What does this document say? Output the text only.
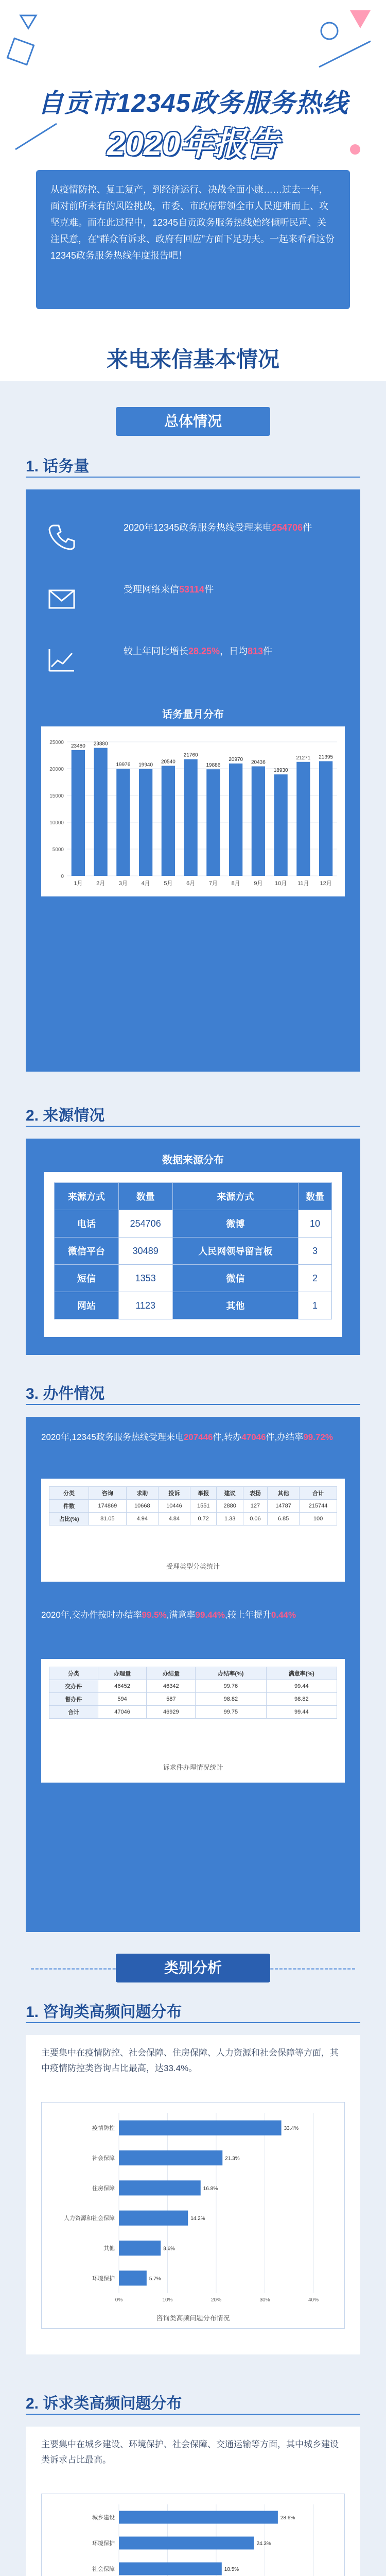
自贡市12345政务服务热线
2020年报告
从疫情防控、复工复产，到经济运行、决战全面小康……过去一年，面对前所未有的风险挑战，市委、市政府带领全市人民迎难而上、攻坚克难。而在此过程中，12345自贡政务服务热线始终倾听民声、关注民意，在“群众有诉求、政府有回应”方面下足功夫。一起来看看这份12345政务服务热线年度报告吧！
来电来信基本情况
总体情况
1. 话务量
2020年12345政务服务热线受理来电254706件
受理网络来信53114件
较上年同比增长28.25%，日均813件
话务量月分布
0
5000
10000
15000
20000
25000
23480
1月
23880
2月
19976
3月
19940
4月
20540
5月
21760
6月
19886
7月
20970
8月
20436
9月
18930
10月
21271
11月
21395
12月
2. 来源情况
数据来源分布
来源方式	数量	来源方式	数量
电话	254706	微博	10
微信平台	30489	人民网领导留言板	3
短信	1353	微信	2
网站	1123	其他	1
3. 办件情况
2020年,12345政务服务热线受理来电207446件,转办47046件,办结率99.72%
分类	咨询	求助	投诉	举报	建议	表扬	其他	合计
件数	174869	10668	10446	1551	2880	127	14787	215744
占比(%)	81.05	4.94	4.84	0.72	1.33	0.06	6.85	100
受理类型分类统计
2020年,交办件按时办结率99.5%,满意率99.44%,较上年提升0.44%
分类	办理量	办结量	办结率(%)	满意率(%)
交办件	46452	46342	99.76	99.44
督办件	594	587	98.82	98.82
合计	47046	46929	99.75	99.44
诉求件办理情况统计
类别分析
1. 咨询类高频问题分布
主要集中在疫情防控、社会保障、住房保障、人力资源和社会保障等方面，其中疫情防控类咨询占比最高，达33.4%。
0%	10%	20%	30%	40%
33.4%
疫情防控
21.3%
社会保障
16.8%
住房保障
14.2%
人力资源和社会保障
8.6%
其他
5.7%
环境保护
咨询类高频问题分布情况
2. 诉求类高频问题分布
主要集中在城乡建设、环境保护、社会保障、交通运输等方面，其中城乡建设类诉求占比最高。
28.6%
城乡建设
24.3%
环境保护
18.5%
社会保障
